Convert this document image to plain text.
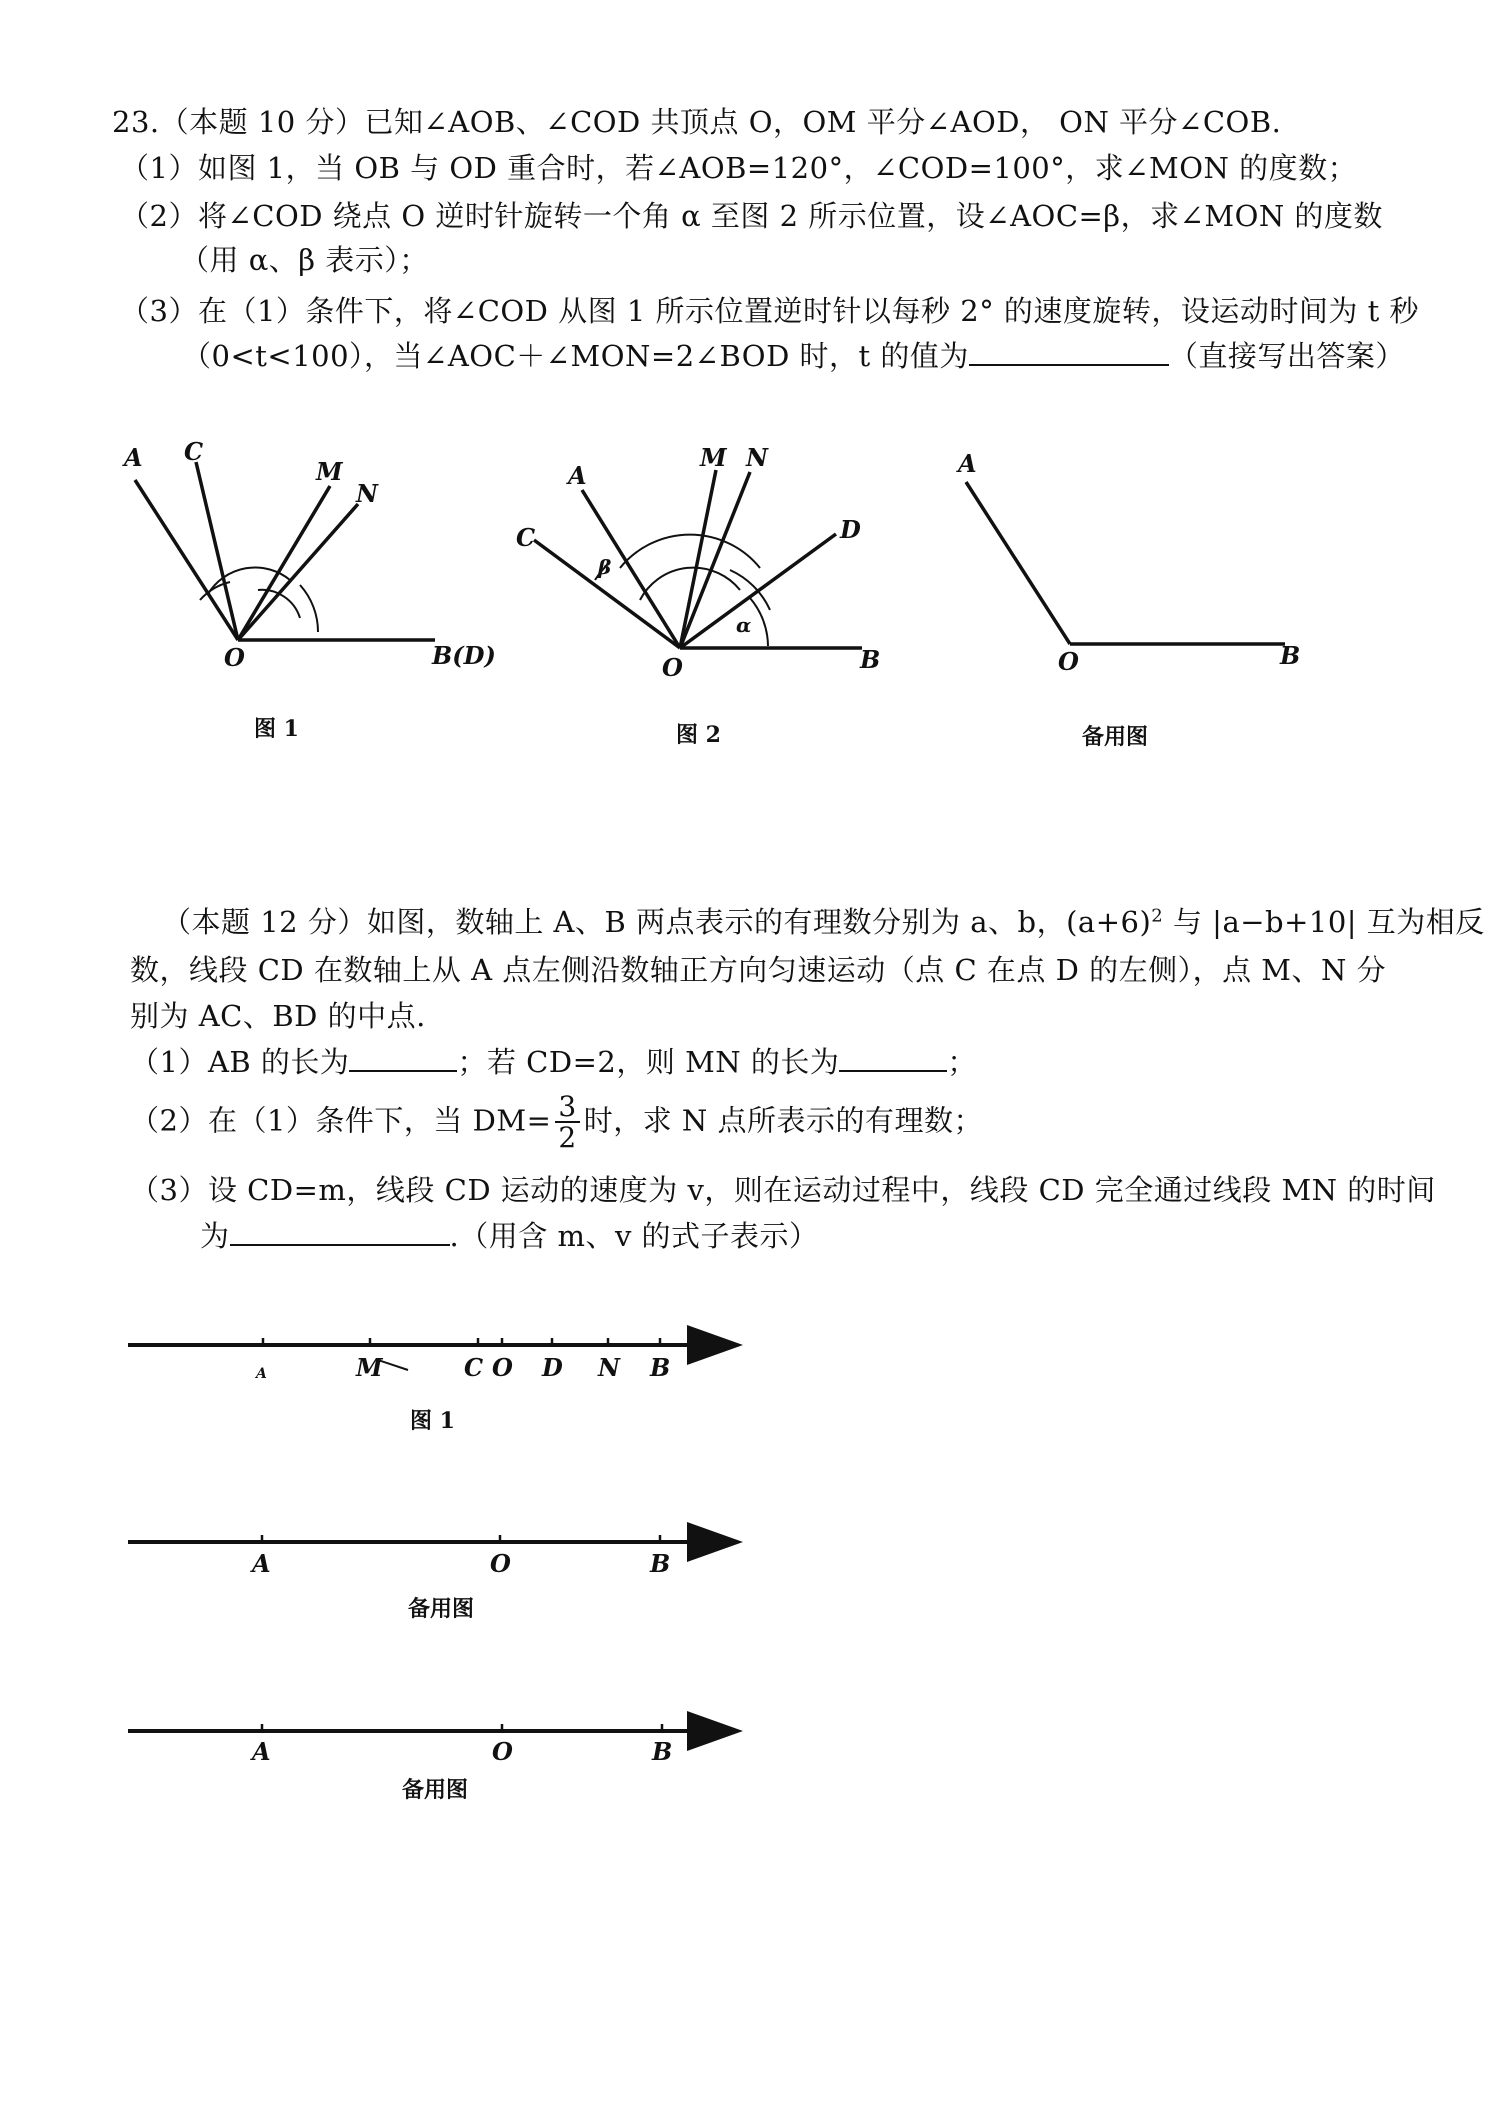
23.（本题 10 分）已知∠AOB、∠COD 共顶点 O，OM 平分∠AOD， ON 平分∠COB.
（1）如图 1，当 OB 与 OD 重合时，若∠AOB=120°，∠COD=100°，求∠MON 的度数；
（2）将∠COD 绕点 O 逆时针旋转一个角 α 至图 2 所示位置，设∠AOC=β，求∠MON 的度数
（用 α、β 表示）；
（3）在（1）条件下，将∠COD 从图 1 所示位置逆时针以每秒 2° 的速度旋转，设运动时间为 t 秒
（0<t<100），当∠AOC＋∠MON=2∠BOD 时，t 的值为	（直接写出答案）
A C
M
N
O	B(D)
A
C
M N
D
O	B
β
α
A
O	B
图 1	图 2	备用图
（本题 12 分）如图，数轴上 A、B 两点表示的有理数分别为 a、b，$(a+6)^2$ 与 |a−b+10| 互为相反
数，线段 CD 在数轴上从 A 点左侧沿数轴正方向匀速运动（点 C 在点 D 的左侧），点 M、N 分
别为 AC、BD 的中点.
（1）AB 的长为	；若 CD=2，则 MN 的长为	；
（2）在（1）条件下，当 $DM= \frac{3}{2}$ 时，求 N 点所表示的有理数；
（3）设 CD=m，线段 CD 运动的速度为 v，则在运动过程中，线段 CD 完全通过线段 MN 的时间
为	.（用含 m、v 的式子表示）
A	M	C O D N B
A	O	B
A	O	B
图 1
备用图
备用图
